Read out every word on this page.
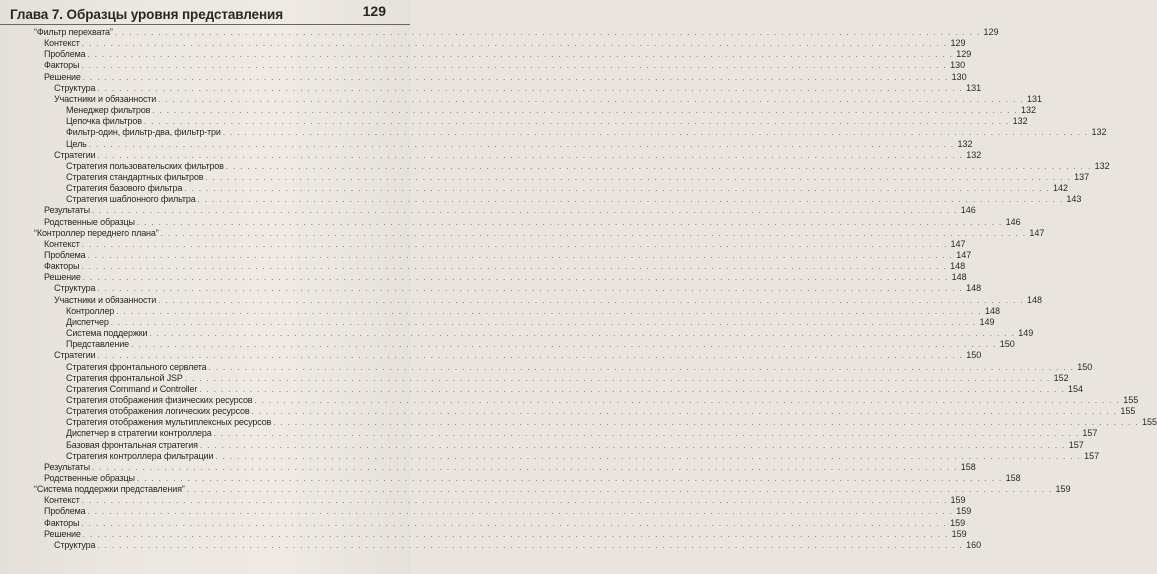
Глава 7. Образцы уровня представления	129
“Фильтр перехвата” . . . . . . . . . . . . . . . . . . . . . . . . . . . . . . . . . . . . . . . . . . . . . . . . . . . . . . . . . . . . . . . . . . . . . . . . . . . . . . . . . . . . . . . . . . . . . . . . . . . . . . . . . . . . . . . . . . . . . . . . 129
Контекст . . . . . . . . . . . . . . . . . . . . . . . . . . . . . . . . . . . . . . . . . . . . . . . . . . . . . . . . . . . . . . . . . . . . . . . . . . . . . . . . . . . . . . . . . . . . . . . . . . . . . . . . . . . . . . . . . . . . . . . . 129
Проблема . . . . . . . . . . . . . . . . . . . . . . . . . . . . . . . . . . . . . . . . . . . . . . . . . . . . . . . . . . . . . . . . . . . . . . . . . . . . . . . . . . . . . . . . . . . . . . . . . . . . . . . . . . . . . . . . . . . . . . . . 129
Факторы . . . . . . . . . . . . . . . . . . . . . . . . . . . . . . . . . . . . . . . . . . . . . . . . . . . . . . . . . . . . . . . . . . . . . . . . . . . . . . . . . . . . . . . . . . . . . . . . . . . . . . . . . . . . . . . . . . . . . . . . 130
Решение . . . . . . . . . . . . . . . . . . . . . . . . . . . . . . . . . . . . . . . . . . . . . . . . . . . . . . . . . . . . . . . . . . . . . . . . . . . . . . . . . . . . . . . . . . . . . . . . . . . . . . . . . . . . . . . . . . . . . . . . 130
Структура . . . . . . . . . . . . . . . . . . . . . . . . . . . . . . . . . . . . . . . . . . . . . . . . . . . . . . . . . . . . . . . . . . . . . . . . . . . . . . . . . . . . . . . . . . . . . . . . . . . . . . . . . . . . . . . . . . . . . . . . 131
Участники и обязанности . . . . . . . . . . . . . . . . . . . . . . . . . . . . . . . . . . . . . . . . . . . . . . . . . . . . . . . . . . . . . . . . . . . . . . . . . . . . . . . . . . . . . . . . . . . . . . . . . . . . . . . . . . . . . . . . . . . . . . . . 131
Менеджер фильтров . . . . . . . . . . . . . . . . . . . . . . . . . . . . . . . . . . . . . . . . . . . . . . . . . . . . . . . . . . . . . . . . . . . . . . . . . . . . . . . . . . . . . . . . . . . . . . . . . . . . . . . . . . . . . . . . . . . . . . . . 132
Цепочка фильтров . . . . . . . . . . . . . . . . . . . . . . . . . . . . . . . . . . . . . . . . . . . . . . . . . . . . . . . . . . . . . . . . . . . . . . . . . . . . . . . . . . . . . . . . . . . . . . . . . . . . . . . . . . . . . . . . . . . . . . . . 132
Фильтр-один, фильтр-два, фильтр-три . . . . . . . . . . . . . . . . . . . . . . . . . . . . . . . . . . . . . . . . . . . . . . . . . . . . . . . . . . . . . . . . . . . . . . . . . . . . . . . . . . . . . . . . . . . . . . . . . . . . . . . . . . . . . . . . . . . . . . . . 132
Цель . . . . . . . . . . . . . . . . . . . . . . . . . . . . . . . . . . . . . . . . . . . . . . . . . . . . . . . . . . . . . . . . . . . . . . . . . . . . . . . . . . . . . . . . . . . . . . . . . . . . . . . . . . . . . . . . . . . . . . . . 132
Стратегии . . . . . . . . . . . . . . . . . . . . . . . . . . . . . . . . . . . . . . . . . . . . . . . . . . . . . . . . . . . . . . . . . . . . . . . . . . . . . . . . . . . . . . . . . . . . . . . . . . . . . . . . . . . . . . . . . . . . . . . . 132
Стратегия пользовательских фильтров . . . . . . . . . . . . . . . . . . . . . . . . . . . . . . . . . . . . . . . . . . . . . . . . . . . . . . . . . . . . . . . . . . . . . . . . . . . . . . . . . . . . . . . . . . . . . . . . . . . . . . . . . . . . . . . . . . . . . . . . 132
Стратегия стандартных фильтров . . . . . . . . . . . . . . . . . . . . . . . . . . . . . . . . . . . . . . . . . . . . . . . . . . . . . . . . . . . . . . . . . . . . . . . . . . . . . . . . . . . . . . . . . . . . . . . . . . . . . . . . . . . . . . . . . . . . . . . . 137
Стратегия базового фильтра . . . . . . . . . . . . . . . . . . . . . . . . . . . . . . . . . . . . . . . . . . . . . . . . . . . . . . . . . . . . . . . . . . . . . . . . . . . . . . . . . . . . . . . . . . . . . . . . . . . . . . . . . . . . . . . . . . . . . . . . 142
Стратегия шаблонного фильтра . . . . . . . . . . . . . . . . . . . . . . . . . . . . . . . . . . . . . . . . . . . . . . . . . . . . . . . . . . . . . . . . . . . . . . . . . . . . . . . . . . . . . . . . . . . . . . . . . . . . . . . . . . . . . . . . . . . . . . . . 143
Результаты . . . . . . . . . . . . . . . . . . . . . . . . . . . . . . . . . . . . . . . . . . . . . . . . . . . . . . . . . . . . . . . . . . . . . . . . . . . . . . . . . . . . . . . . . . . . . . . . . . . . . . . . . . . . . . . . . . . . . . . . 146
Родственные образцы . . . . . . . . . . . . . . . . . . . . . . . . . . . . . . . . . . . . . . . . . . . . . . . . . . . . . . . . . . . . . . . . . . . . . . . . . . . . . . . . . . . . . . . . . . . . . . . . . . . . . . . . . . . . . . . . . . . . . . . . 146
“Контроллер переднего плана” . . . . . . . . . . . . . . . . . . . . . . . . . . . . . . . . . . . . . . . . . . . . . . . . . . . . . . . . . . . . . . . . . . . . . . . . . . . . . . . . . . . . . . . . . . . . . . . . . . . . . . . . . . . . . . . . . . . . . . . . 147
Контекст . . . . . . . . . . . . . . . . . . . . . . . . . . . . . . . . . . . . . . . . . . . . . . . . . . . . . . . . . . . . . . . . . . . . . . . . . . . . . . . . . . . . . . . . . . . . . . . . . . . . . . . . . . . . . . . . . . . . . . . . 147
Проблема . . . . . . . . . . . . . . . . . . . . . . . . . . . . . . . . . . . . . . . . . . . . . . . . . . . . . . . . . . . . . . . . . . . . . . . . . . . . . . . . . . . . . . . . . . . . . . . . . . . . . . . . . . . . . . . . . . . . . . . . 147
Факторы . . . . . . . . . . . . . . . . . . . . . . . . . . . . . . . . . . . . . . . . . . . . . . . . . . . . . . . . . . . . . . . . . . . . . . . . . . . . . . . . . . . . . . . . . . . . . . . . . . . . . . . . . . . . . . . . . . . . . . . . 148
Решение . . . . . . . . . . . . . . . . . . . . . . . . . . . . . . . . . . . . . . . . . . . . . . . . . . . . . . . . . . . . . . . . . . . . . . . . . . . . . . . . . . . . . . . . . . . . . . . . . . . . . . . . . . . . . . . . . . . . . . . . 148
Структура . . . . . . . . . . . . . . . . . . . . . . . . . . . . . . . . . . . . . . . . . . . . . . . . . . . . . . . . . . . . . . . . . . . . . . . . . . . . . . . . . . . . . . . . . . . . . . . . . . . . . . . . . . . . . . . . . . . . . . . . 148
Участники и обязанности . . . . . . . . . . . . . . . . . . . . . . . . . . . . . . . . . . . . . . . . . . . . . . . . . . . . . . . . . . . . . . . . . . . . . . . . . . . . . . . . . . . . . . . . . . . . . . . . . . . . . . . . . . . . . . . . . . . . . . . . 148
Контроллер . . . . . . . . . . . . . . . . . . . . . . . . . . . . . . . . . . . . . . . . . . . . . . . . . . . . . . . . . . . . . . . . . . . . . . . . . . . . . . . . . . . . . . . . . . . . . . . . . . . . . . . . . . . . . . . . . . . . . . . . 148
Диспетчер . . . . . . . . . . . . . . . . . . . . . . . . . . . . . . . . . . . . . . . . . . . . . . . . . . . . . . . . . . . . . . . . . . . . . . . . . . . . . . . . . . . . . . . . . . . . . . . . . . . . . . . . . . . . . . . . . . . . . . . . 149
Система поддержки . . . . . . . . . . . . . . . . . . . . . . . . . . . . . . . . . . . . . . . . . . . . . . . . . . . . . . . . . . . . . . . . . . . . . . . . . . . . . . . . . . . . . . . . . . . . . . . . . . . . . . . . . . . . . . . . . . . . . . . . 149
Представление . . . . . . . . . . . . . . . . . . . . . . . . . . . . . . . . . . . . . . . . . . . . . . . . . . . . . . . . . . . . . . . . . . . . . . . . . . . . . . . . . . . . . . . . . . . . . . . . . . . . . . . . . . . . . . . . . . . . . . . . 150
Стратегии . . . . . . . . . . . . . . . . . . . . . . . . . . . . . . . . . . . . . . . . . . . . . . . . . . . . . . . . . . . . . . . . . . . . . . . . . . . . . . . . . . . . . . . . . . . . . . . . . . . . . . . . . . . . . . . . . . . . . . . . 150
Стратегия фронтального сервлета . . . . . . . . . . . . . . . . . . . . . . . . . . . . . . . . . . . . . . . . . . . . . . . . . . . . . . . . . . . . . . . . . . . . . . . . . . . . . . . . . . . . . . . . . . . . . . . . . . . . . . . . . . . . . . . . . . . . . . . . 150
Стратегия фронтальной JSP . . . . . . . . . . . . . . . . . . . . . . . . . . . . . . . . . . . . . . . . . . . . . . . . . . . . . . . . . . . . . . . . . . . . . . . . . . . . . . . . . . . . . . . . . . . . . . . . . . . . . . . . . . . . . . . . . . . . . . . . 152
Стратегия Command и Controller . . . . . . . . . . . . . . . . . . . . . . . . . . . . . . . . . . . . . . . . . . . . . . . . . . . . . . . . . . . . . . . . . . . . . . . . . . . . . . . . . . . . . . . . . . . . . . . . . . . . . . . . . . . . . . . . . . . . . . . . 154
Стратегия отображения физических ресурсов . . . . . . . . . . . . . . . . . . . . . . . . . . . . . . . . . . . . . . . . . . . . . . . . . . . . . . . . . . . . . . . . . . . . . . . . . . . . . . . . . . . . . . . . . . . . . . . . . . . . . . . . . . . . . . . . . . . . . . . . 155
Стратегия отображения логических ресурсов . . . . . . . . . . . . . . . . . . . . . . . . . . . . . . . . . . . . . . . . . . . . . . . . . . . . . . . . . . . . . . . . . . . . . . . . . . . . . . . . . . . . . . . . . . . . . . . . . . . . . . . . . . . . . . . . . . . . . . . . 155
Стратегия отображения мультиплексных ресурсов . . . . . . . . . . . . . . . . . . . . . . . . . . . . . . . . . . . . . . . . . . . . . . . . . . . . . . . . . . . . . . . . . . . . . . . . . . . . . . . . . . . . . . . . . . . . . . . . . . . . . . . . . . . . . . . . . . . . . . . . 155
Диспетчер в стратегии контроллера . . . . . . . . . . . . . . . . . . . . . . . . . . . . . . . . . . . . . . . . . . . . . . . . . . . . . . . . . . . . . . . . . . . . . . . . . . . . . . . . . . . . . . . . . . . . . . . . . . . . . . . . . . . . . . . . . . . . . . . . 157
Базовая фронтальная стратегия . . . . . . . . . . . . . . . . . . . . . . . . . . . . . . . . . . . . . . . . . . . . . . . . . . . . . . . . . . . . . . . . . . . . . . . . . . . . . . . . . . . . . . . . . . . . . . . . . . . . . . . . . . . . . . . . . . . . . . . . 157
Стратегия контроллера фильтрации . . . . . . . . . . . . . . . . . . . . . . . . . . . . . . . . . . . . . . . . . . . . . . . . . . . . . . . . . . . . . . . . . . . . . . . . . . . . . . . . . . . . . . . . . . . . . . . . . . . . . . . . . . . . . . . . . . . . . . . . 157
Результаты . . . . . . . . . . . . . . . . . . . . . . . . . . . . . . . . . . . . . . . . . . . . . . . . . . . . . . . . . . . . . . . . . . . . . . . . . . . . . . . . . . . . . . . . . . . . . . . . . . . . . . . . . . . . . . . . . . . . . . . . 158
Родственные образцы . . . . . . . . . . . . . . . . . . . . . . . . . . . . . . . . . . . . . . . . . . . . . . . . . . . . . . . . . . . . . . . . . . . . . . . . . . . . . . . . . . . . . . . . . . . . . . . . . . . . . . . . . . . . . . . . . . . . . . . . 158
“Система поддержки представления” . . . . . . . . . . . . . . . . . . . . . . . . . . . . . . . . . . . . . . . . . . . . . . . . . . . . . . . . . . . . . . . . . . . . . . . . . . . . . . . . . . . . . . . . . . . . . . . . . . . . . . . . . . . . . . . . . . . . . . . . 159
Контекст . . . . . . . . . . . . . . . . . . . . . . . . . . . . . . . . . . . . . . . . . . . . . . . . . . . . . . . . . . . . . . . . . . . . . . . . . . . . . . . . . . . . . . . . . . . . . . . . . . . . . . . . . . . . . . . . . . . . . . . . 159
Проблема . . . . . . . . . . . . . . . . . . . . . . . . . . . . . . . . . . . . . . . . . . . . . . . . . . . . . . . . . . . . . . . . . . . . . . . . . . . . . . . . . . . . . . . . . . . . . . . . . . . . . . . . . . . . . . . . . . . . . . . . 159
Факторы . . . . . . . . . . . . . . . . . . . . . . . . . . . . . . . . . . . . . . . . . . . . . . . . . . . . . . . . . . . . . . . . . . . . . . . . . . . . . . . . . . . . . . . . . . . . . . . . . . . . . . . . . . . . . . . . . . . . . . . . 159
Решение . . . . . . . . . . . . . . . . . . . . . . . . . . . . . . . . . . . . . . . . . . . . . . . . . . . . . . . . . . . . . . . . . . . . . . . . . . . . . . . . . . . . . . . . . . . . . . . . . . . . . . . . . . . . . . . . . . . . . . . . 159
Структура . . . . . . . . . . . . . . . . . . . . . . . . . . . . . . . . . . . . . . . . . . . . . . . . . . . . . . . . . . . . . . . . . . . . . . . . . . . . . . . . . . . . . . . . . . . . . . . . . . . . . . . . . . . . . . . . . . . . . . . . 160
